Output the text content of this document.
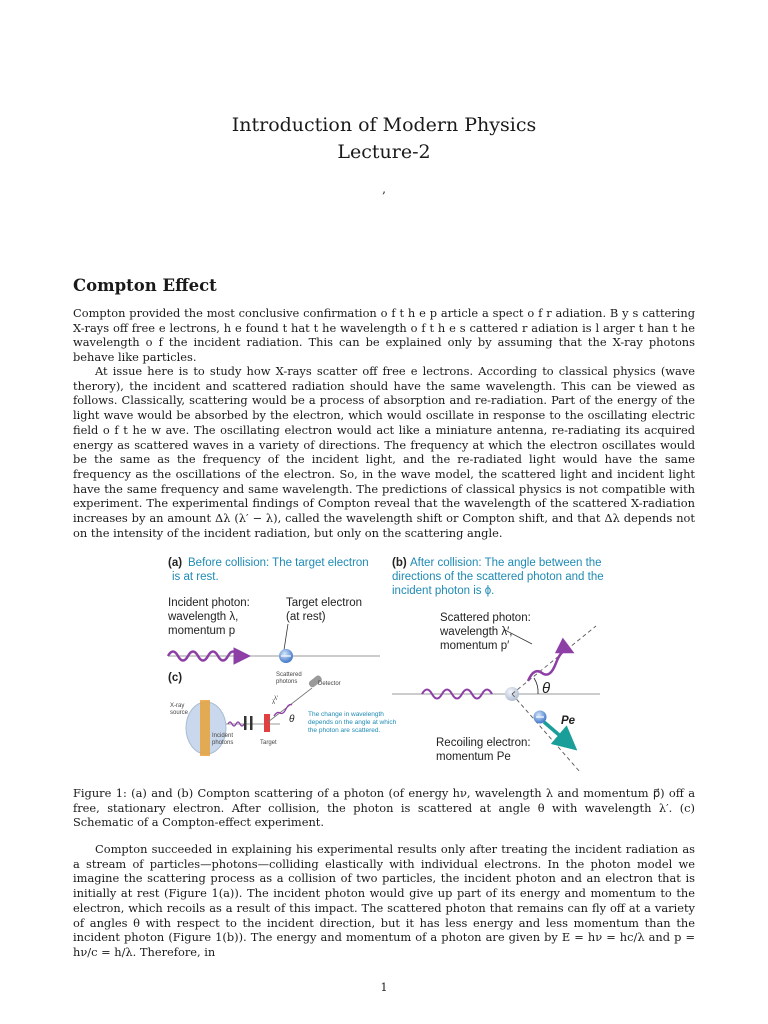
Introduction of Modern Physics
Lecture-2
,
Compton Effect
Compton provided the most conclusive confirmation o f t h e p article a spect o f r adiation. B y s cattering X-rays off free e lectrons, h e found t hat t he wavelength o f t h e s cattered r adiation is l arger t han t he wavelength o f the incident radiation. This can be explained only by assuming that the X-ray photons behave like particles.
At issue here is to study how X-rays scatter off free e lectrons. According to classical physics (wave therory), the incident and scattered radiation should have the same wavelength. This can be viewed as follows. Classically, scattering would be a process of absorption and re-radiation. Part of the energy of the light wave would be absorbed by the electron, which would oscillate in response to the oscillating electric field o f t he w ave. The oscillating electron would act like a miniature antenna, re-radiating its acquired energy as scattered waves in a variety of directions. The frequency at which the electron oscillates would be the same as the frequency of the incident light, and the re-radiated light would have the same frequency as the oscillations of the electron. So, in the wave model, the scattered light and incident light have the same frequency and same wavelength. The predictions of classical physics is not compatible with experiment. The experimental findings of Compton reveal that the wavelength of the scattered X-radiation increases by an amount Δλ (λ′ − λ), called the wavelength shift or Compton shift, and that Δλ depends not on the intensity of the incident radiation, but only on the scattering angle.
(a) Before collision: The target electron
is at rest.
Incident photon:
wavelength λ,
momentum p
Target electron
(at rest)
(b) After collision: The angle between the
directions of the scattered photon and the
incident photon is ϕ.
Scattered photon:
wavelength λ′,
momentum p′
θ
Pe
Recoiling electron:
momentum Pe
(c)
X-ray
source
Incident
photons	Target
λ
Scattered
photons	Detector
λ′
θ The change in wavelength
depends on the angle at which
the photon are scattered.
Figure 1: (a) and (b) Compton scattering of a photon (of energy hν, wavelength λ and momentum p⃗) off a free, stationary electron. After collision, the photon is scattered at angle θ with wavelength λ′. (c) Schematic of a Compton-effect experiment.
Compton succeeded in explaining his experimental results only after treating the incident radiation as a stream of particles—photons—colliding elastically with individual electrons. In the photon model we imagine the scattering process as a collision of two particles, the incident photon and an electron that is initially at rest (Figure 1(a)). The incident photon would give up part of its energy and momentum to the electron, which recoils as a result of this impact. The scattered photon that remains can fly off at a variety of angles θ with respect to the incident direction, but it has less energy and less momentum than the incident photon (Figure 1(b)). The energy and momentum of a photon are given by E = hν = hc/λ and p = hν/c = h/λ. Therefore, in
1
